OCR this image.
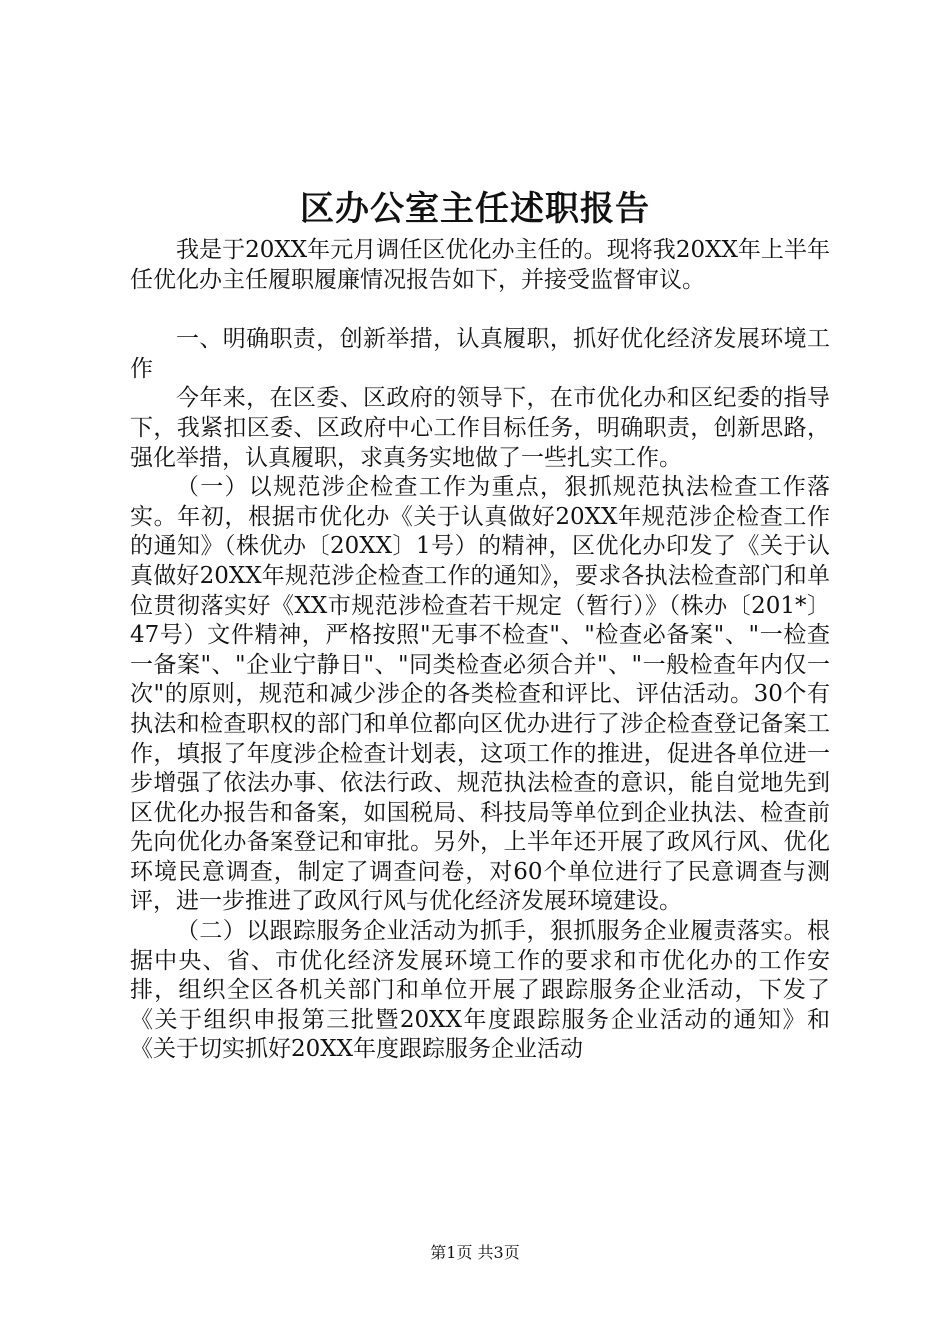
区办公室主任述职报告

我是于20XX年元月调任区优化办主任的。现将我20XX年上半年任优化办主任履职履廉情况报告如下，并接受监督审议。

一、明确职责，创新举措，认真履职，抓好优化经济发展环境工作

今年来，在区委、区政府的领导下，在市优化办和区纪委的指导下，我紧扣区委、区政府中心工作目标任务，明确职责，创新思路，强化举措，认真履职，求真务实地做了一些扎实工作。

（一）以规范涉企检查工作为重点，狠抓规范执法检查工作落实。年初，根据市优化办《关于认真做好20XX年规范涉企检查工作的通知》（株优办〔20XX〕1号）的精神，区优化办印发了《关于认真做好20XX年规范涉企检查工作的通知》，要求各执法检查部门和单位贯彻落实好《XX市规范涉检查若干规定（暂行）》（株办〔201*〕47号）文件精神，严格按照"无事不检查"、"检查必备案"、"一检查一备案"、"企业宁静日"、"同类检查必须合并"、"一般检查年内仅一次"的原则，规范和减少涉企的各类检查和评比、评估活动。30个有执法和检查职权的部门和单位都向区优办进行了涉企检查登记备案工作，填报了年度涉企检查计划表，这项工作的推进，促进各单位进一步增强了依法办事、依法行政、规范执法检查的意识，能自觉地先到区优化办报告和备案，如国税局、科技局等单位到企业执法、检查前先向优化办备案登记和审批。另外，上半年还开展了政风行风、优化环境民意调查，制定了调查问卷，对60个单位进行了民意调查与测评，进一步推进了政风行风与优化经济发展环境建设。

（二）以跟踪服务企业活动为抓手，狠抓服务企业履责落实。根据中央、省、市优化经济发展环境工作的要求和市优化办的工作安排，组织全区各机关部门和单位开展了跟踪服务企业活动，下发了《关于组织申报第三批暨20XX年度跟踪服务企业活动的通知》和《关于切实抓好20XX年度跟踪服务企业活动

第1页 共3页
